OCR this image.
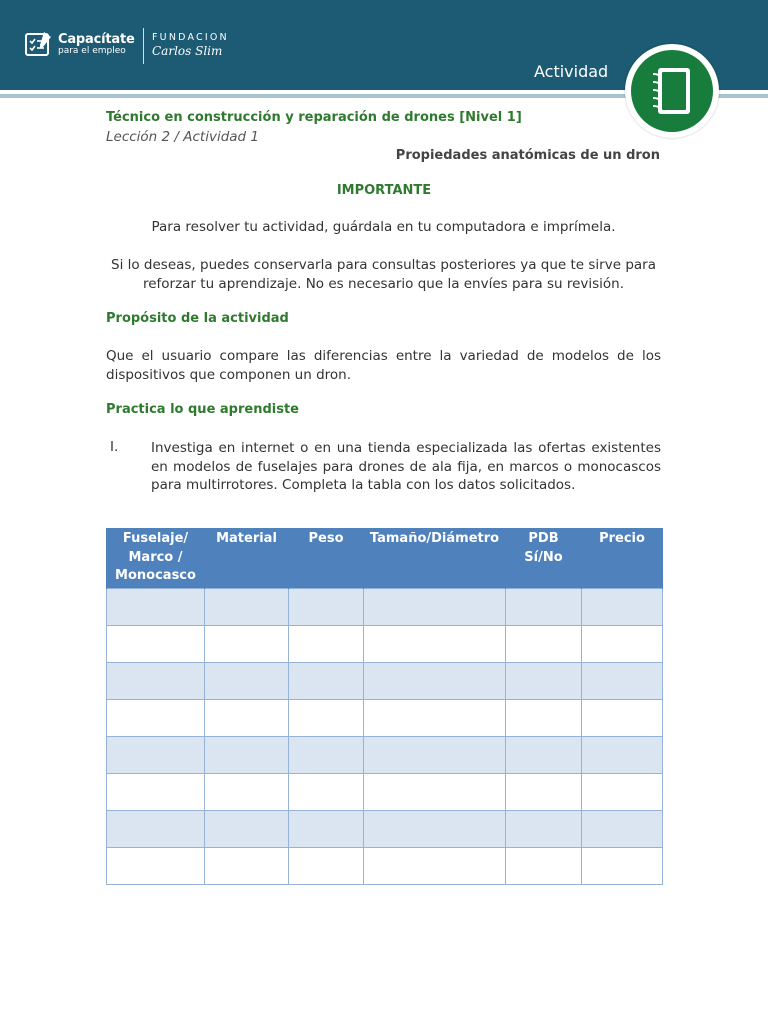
Capacítate
para el empleo
FUNDACION
Carlos Slim
Actividad
Técnico en construcción y reparación de drones [Nivel 1]
Lección 2 / Actividad 1
Propiedades anatómicas de un dron
IMPORTANTE
Para resolver tu actividad, guárdala en tu computadora e imprímela.
Si lo deseas, puedes conservarla para consultas posteriores ya que te sirve para reforzar tu aprendizaje. No es necesario que la envíes para su revisión.
Propósito de la actividad
Que el usuario compare las diferencias entre la variedad de modelos de los dispositivos que componen un dron.
Practica lo que aprendiste
I. Investiga en internet o en una tienda especializada las ofertas existentes en modelos de fuselajes para drones de ala fija, en marcos o monocascos para multirrotores. Completa la tabla con los datos solicitados.
Fuselaje/ Marco / Monocasco	Material	Peso	Tamaño/Diámetro	PDB Sí/No	Precio
